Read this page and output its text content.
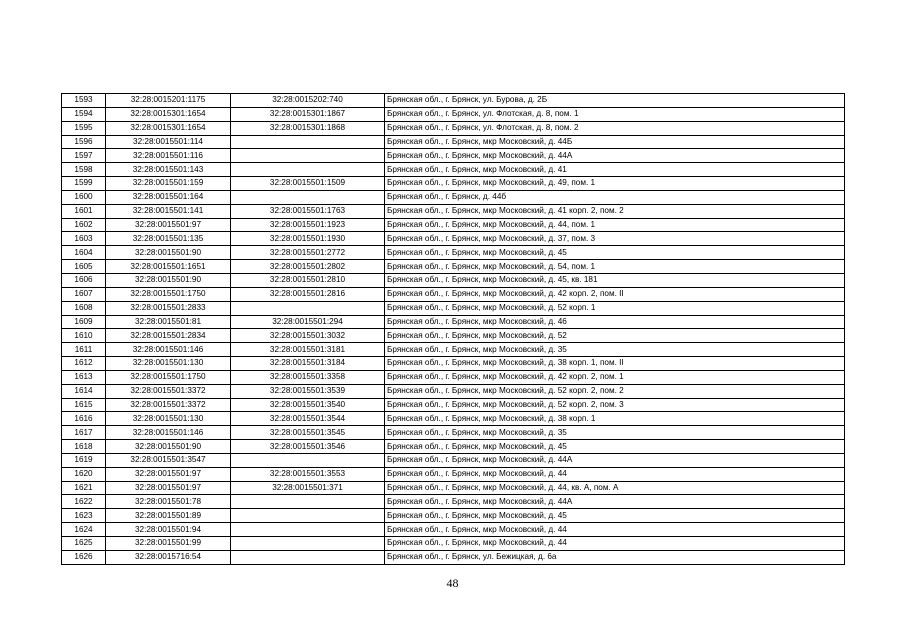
1593	32:28:0015201:1175	32:28:0015202:740	Брянская обл., г. Брянск, ул. Бурова, д. 2Б
1594	32:28:0015301:1654	32:28:0015301:1867	Брянская обл., г. Брянск, ул. Флотская, д. 8, пом. 1
1595	32:28:0015301:1654	32:28:0015301:1868	Брянская обл., г. Брянск, ул. Флотская, д. 8, пом. 2
1596	32:28:0015501:114		Брянская обл., г. Брянск, мкр Московский, д. 44Б
1597	32:28:0015501:116		Брянская обл., г. Брянск, мкр Московский, д. 44А
1598	32:28:0015501:143		Брянская обл., г. Брянск, мкр Московский, д. 41
1599	32:28:0015501:159	32:28:0015501:1509	Брянская обл., г. Брянск, мкр Московский, д. 49, пом. 1
1600	32:28:0015501:164		Брянская обл., г. Брянск, д. 44б
1601	32:28:0015501:141	32:28:0015501:1763	Брянская обл., г. Брянск, мкр Московский, д. 41 корп. 2, пом. 2
1602	32:28:0015501:97	32:28:0015501:1923	Брянская обл., г. Брянск, мкр Московский, д. 44, пом. 1
1603	32:28:0015501:135	32:28:0015501:1930	Брянская обл., г. Брянск, мкр Московский, д. 37, пом. 3
1604	32:28:0015501:90	32:28:0015501:2772	Брянская обл., г. Брянск, мкр Московский, д. 45
1605	32:28:0015501:1651	32:28:0015501:2802	Брянская обл., г. Брянск, мкр Московский, д. 54, пом. 1
1606	32:28:0015501:90	32:28:0015501:2810	Брянская обл., г. Брянск, мкр Московский, д. 45, кв. 181
1607	32:28:0015501:1750	32:28:0015501:2816	Брянская обл., г. Брянск, мкр Московский, д. 42 корп. 2, пом. II
1608	32:28:0015501:2833		Брянская обл., г. Брянск, мкр Московский, д. 52 корп. 1
1609	32:28:0015501:81	32:28:0015501:294	Брянская обл., г. Брянск, мкр Московский, д. 46
1610	32:28:0015501:2834	32:28:0015501:3032	Брянская обл., г. Брянск, мкр Московский, д. 52
1611	32:28:0015501:146	32:28:0015501:3181	Брянская обл., г. Брянск, мкр Московский, д. 35
1612	32:28:0015501:130	32:28:0015501:3184	Брянская обл., г. Брянск, мкр Московский, д. 38 корп. 1, пом. II
1613	32:28:0015501:1750	32:28:0015501:3358	Брянская обл., г. Брянск, мкр Московский, д. 42 корп. 2, пом. 1
1614	32:28:0015501:3372	32:28:0015501:3539	Брянская обл., г. Брянск, мкр Московский, д. 52 корп. 2, пом. 2
1615	32:28:0015501:3372	32:28:0015501:3540	Брянская обл., г. Брянск, мкр Московский, д. 52 корп. 2, пом. 3
1616	32:28:0015501:130	32:28:0015501:3544	Брянская обл., г. Брянск, мкр Московский, д. 38 корп. 1
1617	32:28:0015501:146	32:28:0015501:3545	Брянская обл., г. Брянск, мкр Московский, д. 35
1618	32:28:0015501:90	32:28:0015501:3546	Брянская обл., г. Брянск, мкр Московский, д. 45
1619	32:28:0015501:3547		Брянская обл., г. Брянск, мкр Московский, д. 44А
1620	32:28:0015501:97	32:28:0015501:3553	Брянская обл., г. Брянск, мкр Московский, д. 44
1621	32:28:0015501:97	32:28:0015501:371	Брянская обл., г. Брянск, мкр Московский, д. 44, кв. А, пом. А
1622	32:28:0015501:78		Брянская обл., г. Брянск, мкр Московский, д. 44А
1623	32:28:0015501:89		Брянская обл., г. Брянск, мкр Московский, д. 45
1624	32:28:0015501:94		Брянская обл., г. Брянск, мкр Московский, д. 44
1625	32:28:0015501:99		Брянская обл., г. Брянск, мкр Московский, д. 44
1626	32:28:0015716:54		Брянская обл., г. Брянск, ул. Бежицкая, д. 6а
48
